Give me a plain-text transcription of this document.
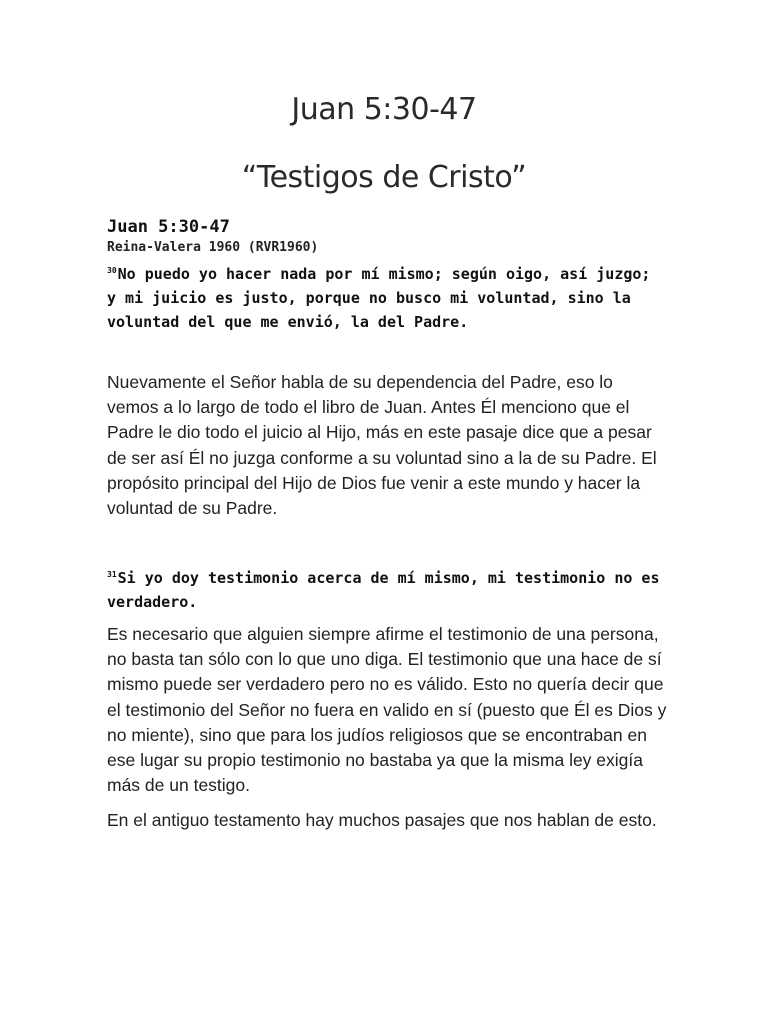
Juan 5:30-47
“Testigos de Cristo”
Juan 5:30-47
Reina-Valera 1960 (RVR1960)

$^{30}$No puedo yo hacer nada por mí mismo; según oigo, así juzgo; y mi juicio es justo, porque no busco mi voluntad, sino la voluntad del que me envió, la del Padre.

Nuevamente el Señor habla de su dependencia del Padre, eso lo vemos a lo largo de todo el libro de Juan. Antes Él menciono que el Padre le dio todo el juicio al Hijo, más en este pasaje dice que a pesar de ser así Él no juzga conforme a su voluntad sino a la de su Padre. El propósito principal del Hijo de Dios fue venir a este mundo y hacer la voluntad de su Padre.

$^{31}$Si yo doy testimonio acerca de mí mismo, mi testimonio no es verdadero.

Es necesario que alguien siempre afirme el testimonio de una persona, no basta tan sólo con lo que uno diga. El testimonio que una hace de sí mismo puede ser verdadero pero no es válido. Esto no quería decir que el testimonio del Señor no fuera en valido en sí (puesto que Él es Dios y no miente), sino que para los judíos religiosos que se encontraban en ese lugar su propio testimonio no bastaba ya que la misma ley exigía más de un testigo.

En el antiguo testamento hay muchos pasajes que nos hablan de esto.
